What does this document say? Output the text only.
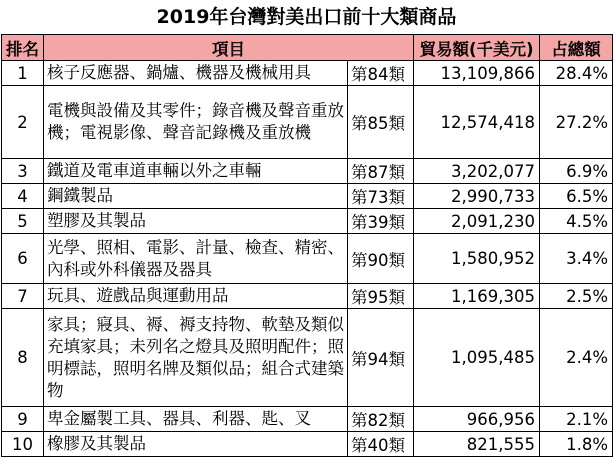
2019年台灣對美出口前十大類商品
排名	項目		貿易額(千美元)	占總額
1	核子反應器、鍋爐、機器及機械用具	第84類	13,109,866	28.4%
2	電機與設備及其零件；錄音機及聲音重放機；電視影像、聲音記錄機及重放機	第85類	12,574,418	27.2%
3	鐵道及電車道車輛以外之車輛	第87類	3,202,077	6.9%
4	鋼鐵製品	第73類	2,990,733	6.5%
5	塑膠及其製品	第39類	2,091,230	4.5%
6	光學、照相、電影、計量、檢查、精密、內科或外科儀器及器具	第90類	1,580,952	3.4%
7	玩具、遊戲品與運動用品	第95類	1,169,305	2.5%
8	家具；寢具、褥、褥支持物、軟墊及類似充填家具；未列名之燈具及照明配件；照明標誌，照明名牌及類似品；組合式建築物	第94類	1,095,485	2.4%
9	卑金屬製工具、器具、利器、匙、叉	第82類	966,956	2.1%
10	橡膠及其製品	第40類	821,555	1.8%
